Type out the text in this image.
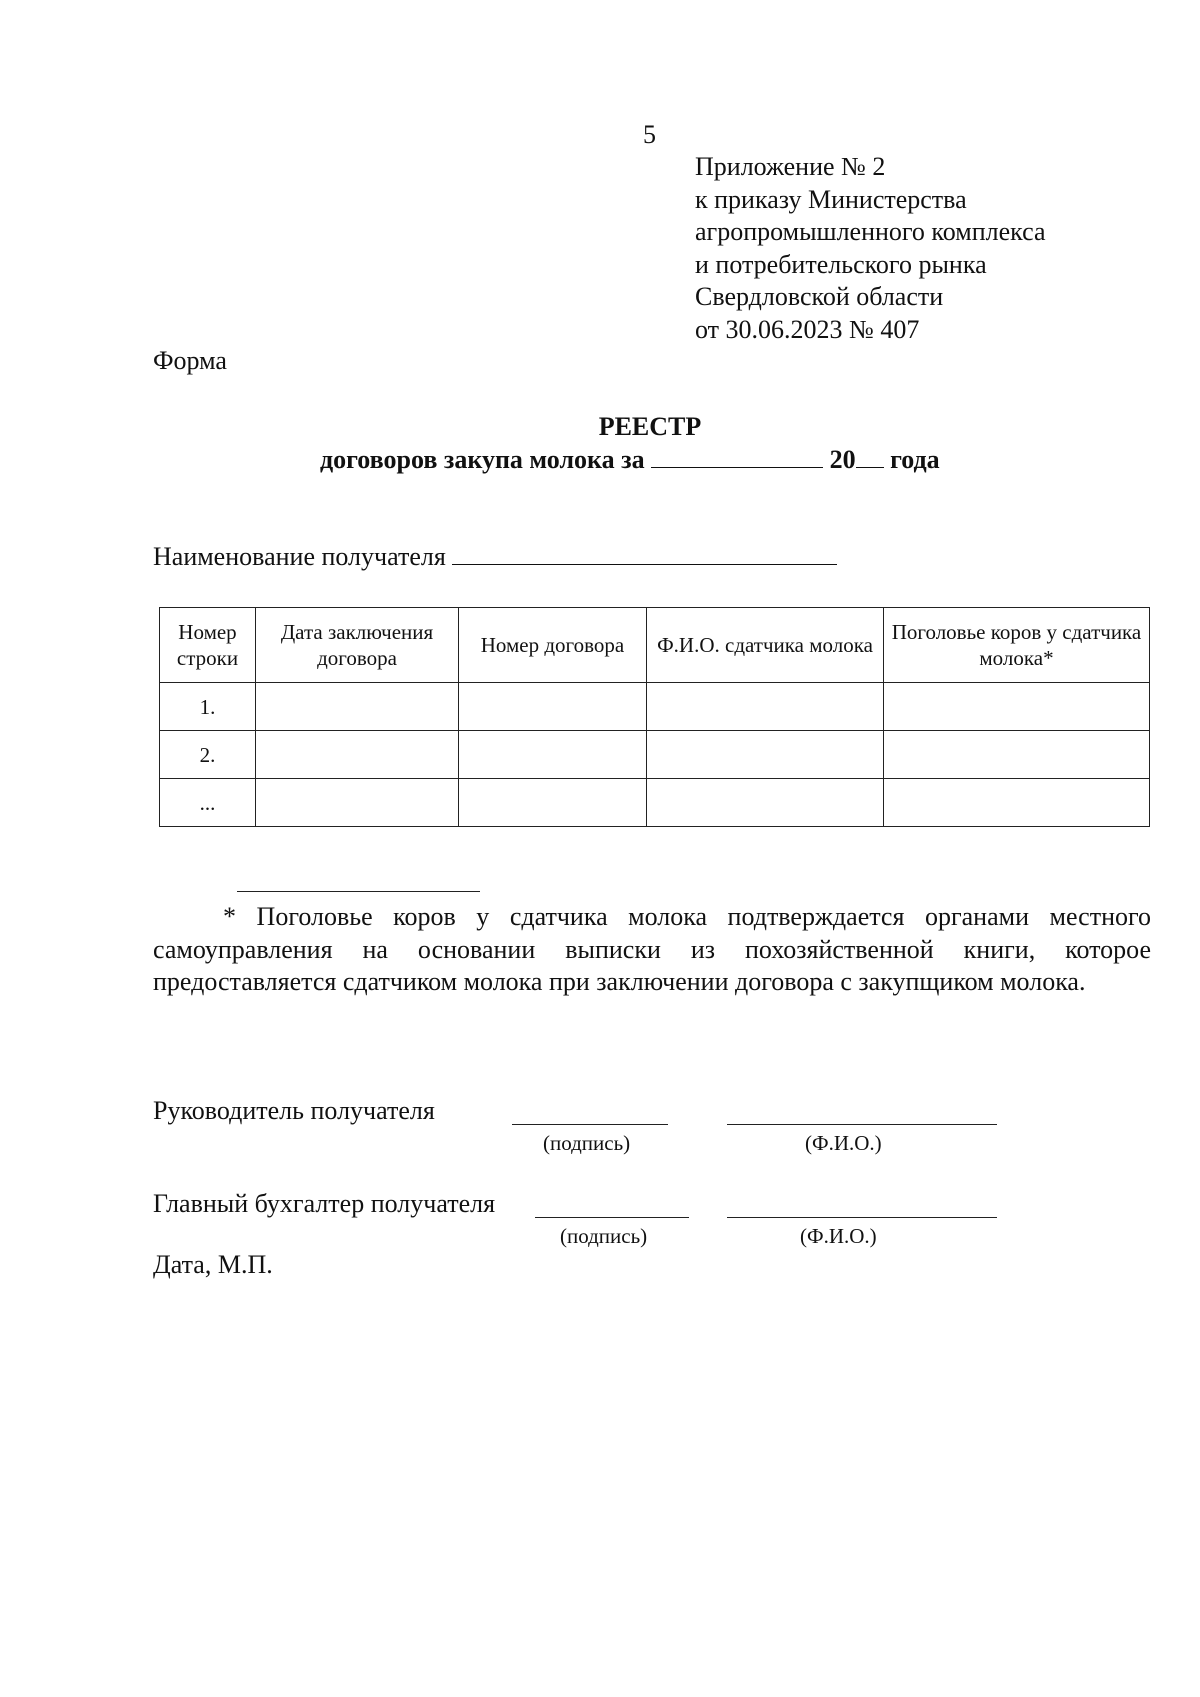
5
Приложение № 2
к приказу Министерства
агропромышленного комплекса
и потребительского рынка
Свердловской области
от 30.06.2023 № 407
Форма
РЕЕСТР
договоров закупа молока за	20 года
Наименование получателя
Номер строки	Дата заключения договора	Номер договора	Ф.И.О. сдатчика молока	Поголовье коров у сдатчика молока*
1.				
2.				
...				

* Поголовье коров у сдатчика молока подтверждается органами местного самоуправления на основании выписки из похозяйственной книги, которое предоставляется сдатчиком молока при заключении договора с закупщиком молока.

Руководитель получателя
(подпись)	(Ф.И.О.)
Главный бухгалтер получателя
(подпись)	(Ф.И.О.)
Дата, М.П.
